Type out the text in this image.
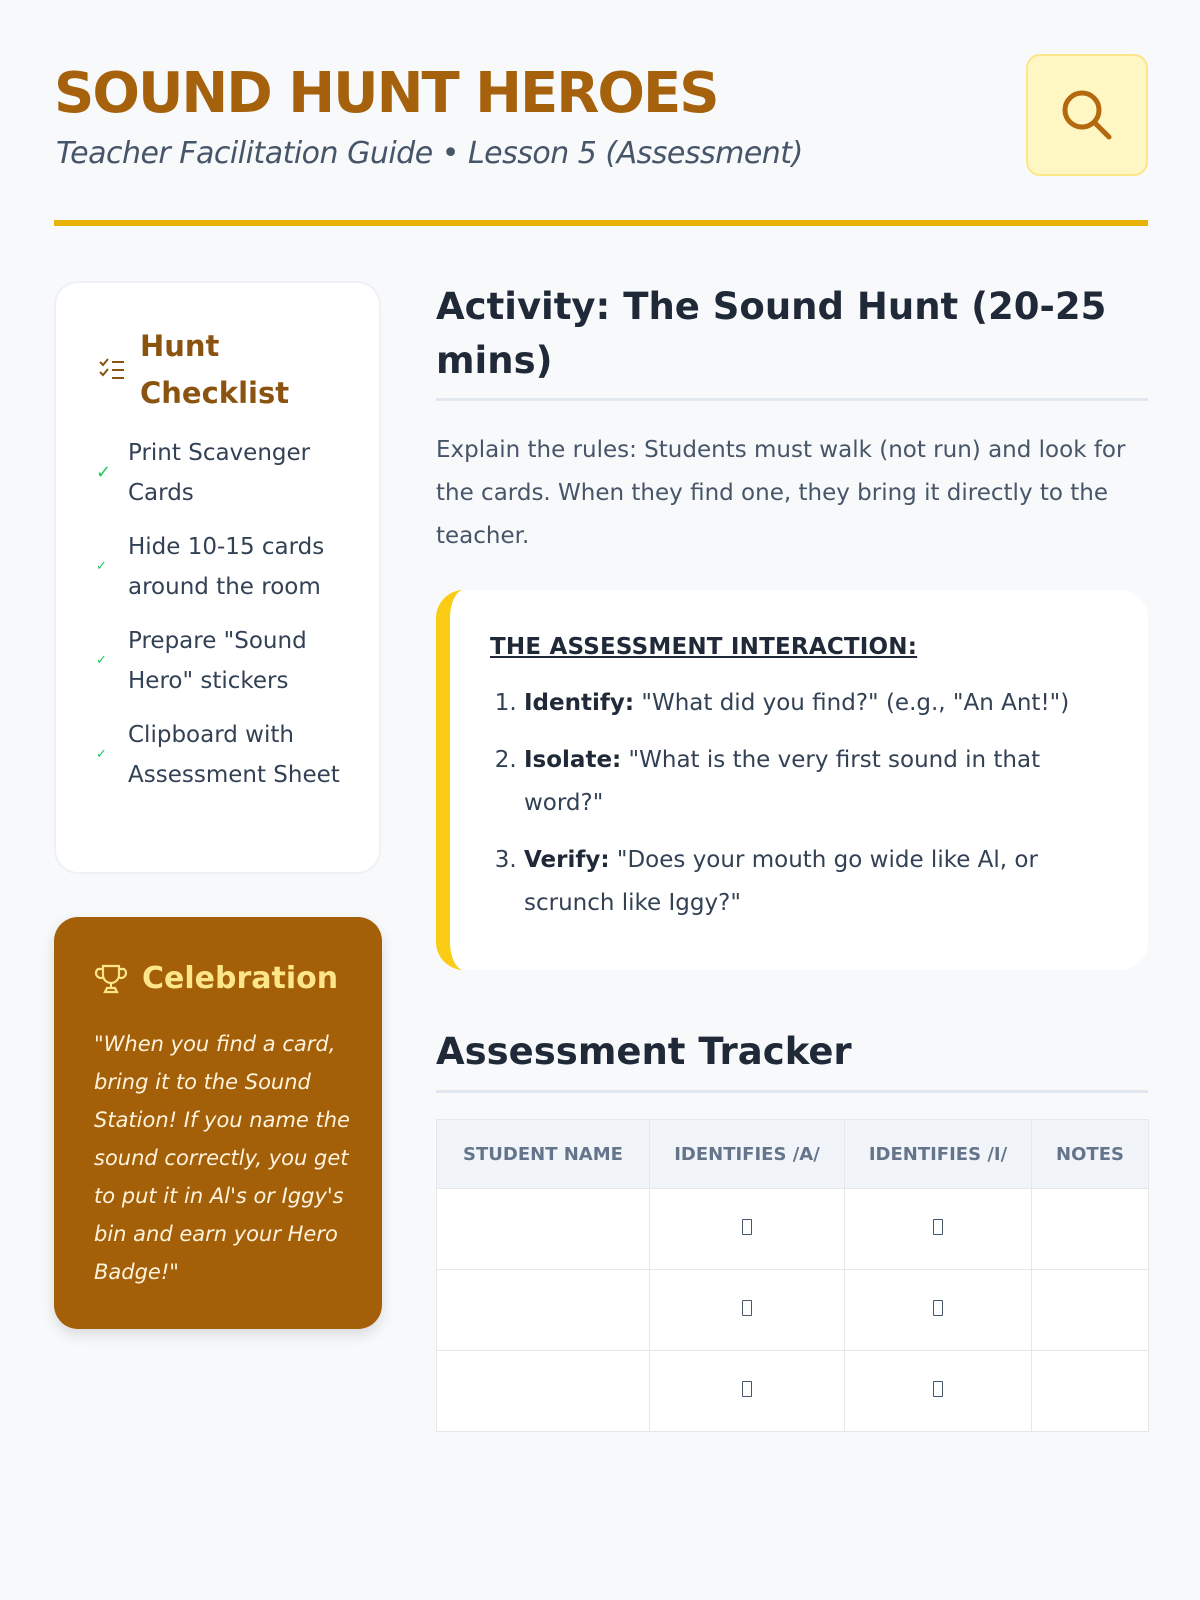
SOUND HUNT HEROES
Teacher Facilitation Guide • Lesson 5 (Assessment)
Hunt Checklist
✓
Print Scavenger Cards
✓
Hide 10-15 cards around the room
✓
Prepare "Sound Hero" stickers
✓
Clipboard with Assessment Sheet
Celebration
"When you find a card, bring it to the Sound Station! If you name the sound correctly, you get to put it in Al's or Iggy's bin and earn your Hero Badge!"
Activity: The Sound Hunt (20-25 mins)

Explain the rules: Students must walk (not run) and look for the cards. When they find one, they bring it directly to the teacher.

THE ASSESSMENT INTERACTION:
1. Identify: "What did you find?" (e.g., "An Ant!")
2. Isolate: "What is the very first sound in that word?"
3. Verify: "Does your mouth go wide like Al, or scrunch like Iggy?"
Assessment Tracker
STUDENT NAME	IDENTIFIES /A/	IDENTIFIES /I/	NOTES
